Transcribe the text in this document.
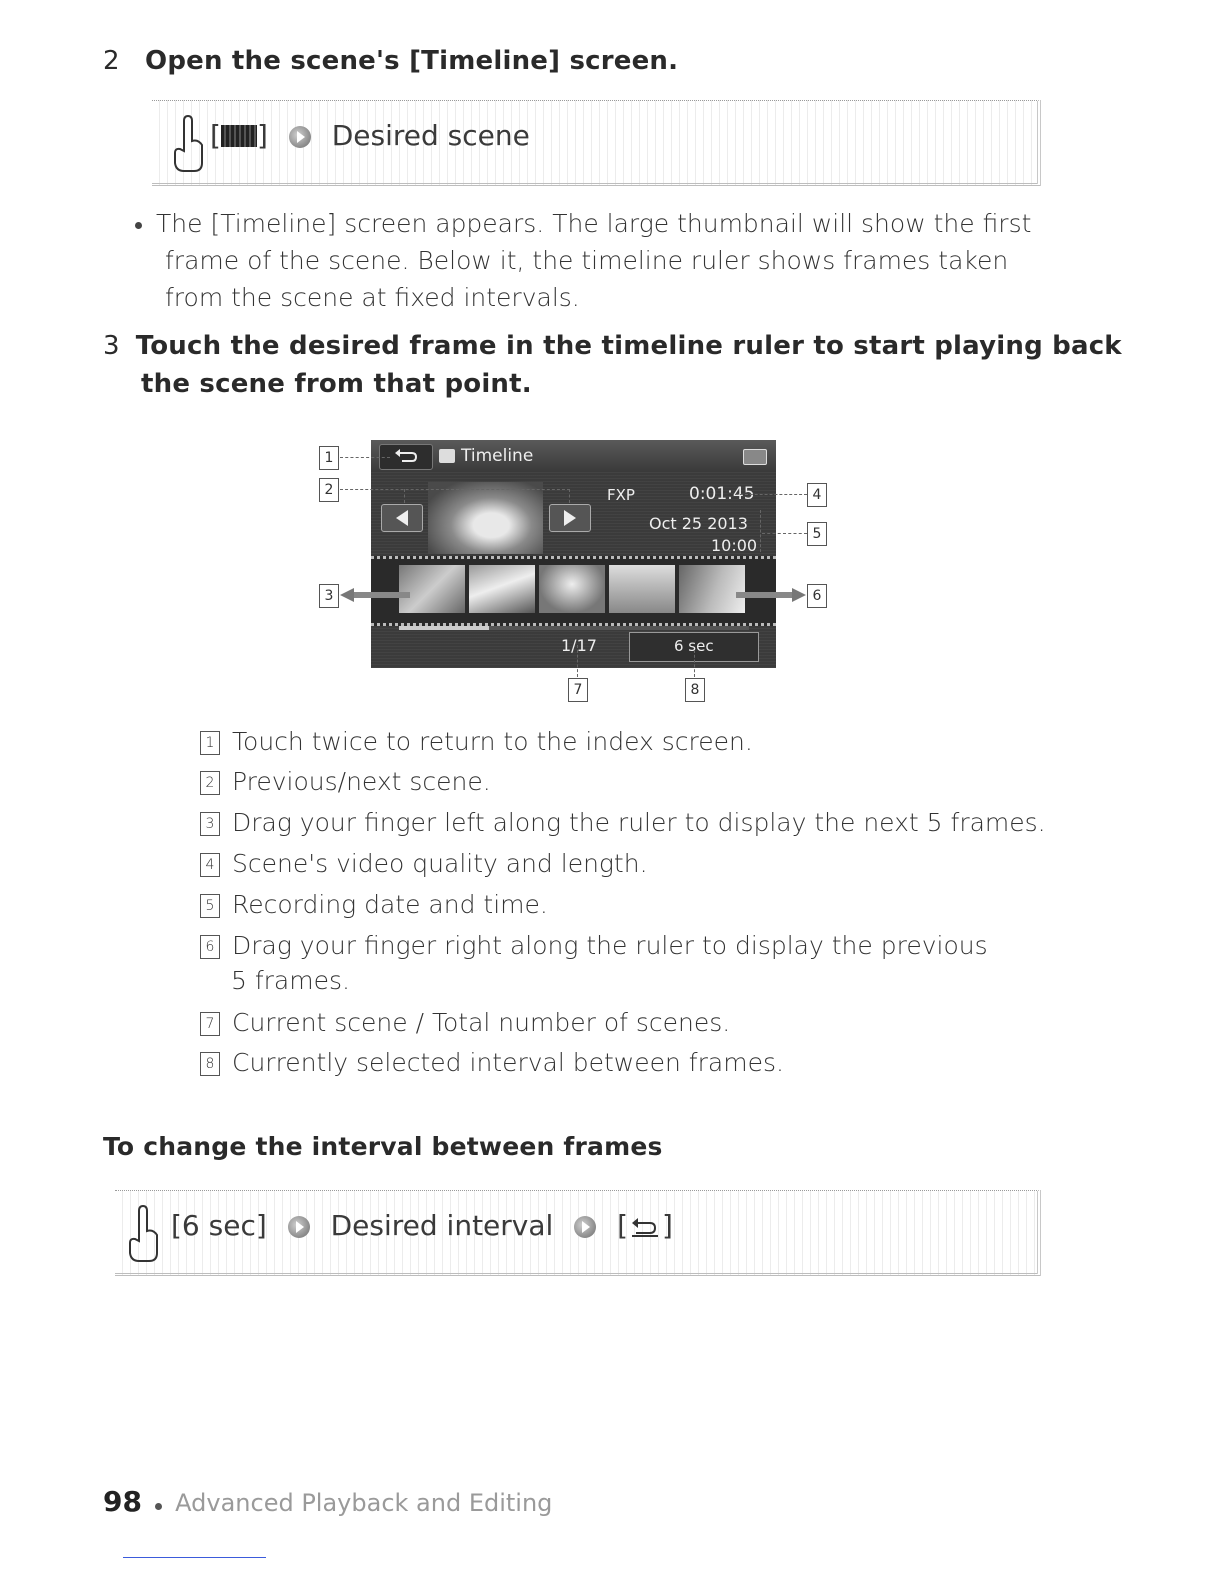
2 Open the scene's [Timeline] screen.
[ ] Desired scene
The [Timeline] screen appears. The large thumbnail will show the first
frame of the scene. Below it, the timeline ruler shows frames taken
from the scene at fixed intervals.
3 Touch the desired frame in the timeline ruler to start playing back
the scene from that point.
Timeline
FXP	0:01:45
Oct 25 2013
10:00
1/17	6 sec
1
2
3
4
5
6
7	8
1 Touch twice to return to the index screen.
2 Previous/next scene.
3 Drag your finger left along the ruler to display the next 5 frames.
4 Scene's video quality and length.
5 Recording date and time.
6 Drag your finger right along the ruler to display the previous
5 frames.
7 Current scene / Total number of scenes.
8 Currently selected interval between frames.
To change the interval between frames
[6 sec] Desired interval [ ]
98 Advanced Playback and Editing
